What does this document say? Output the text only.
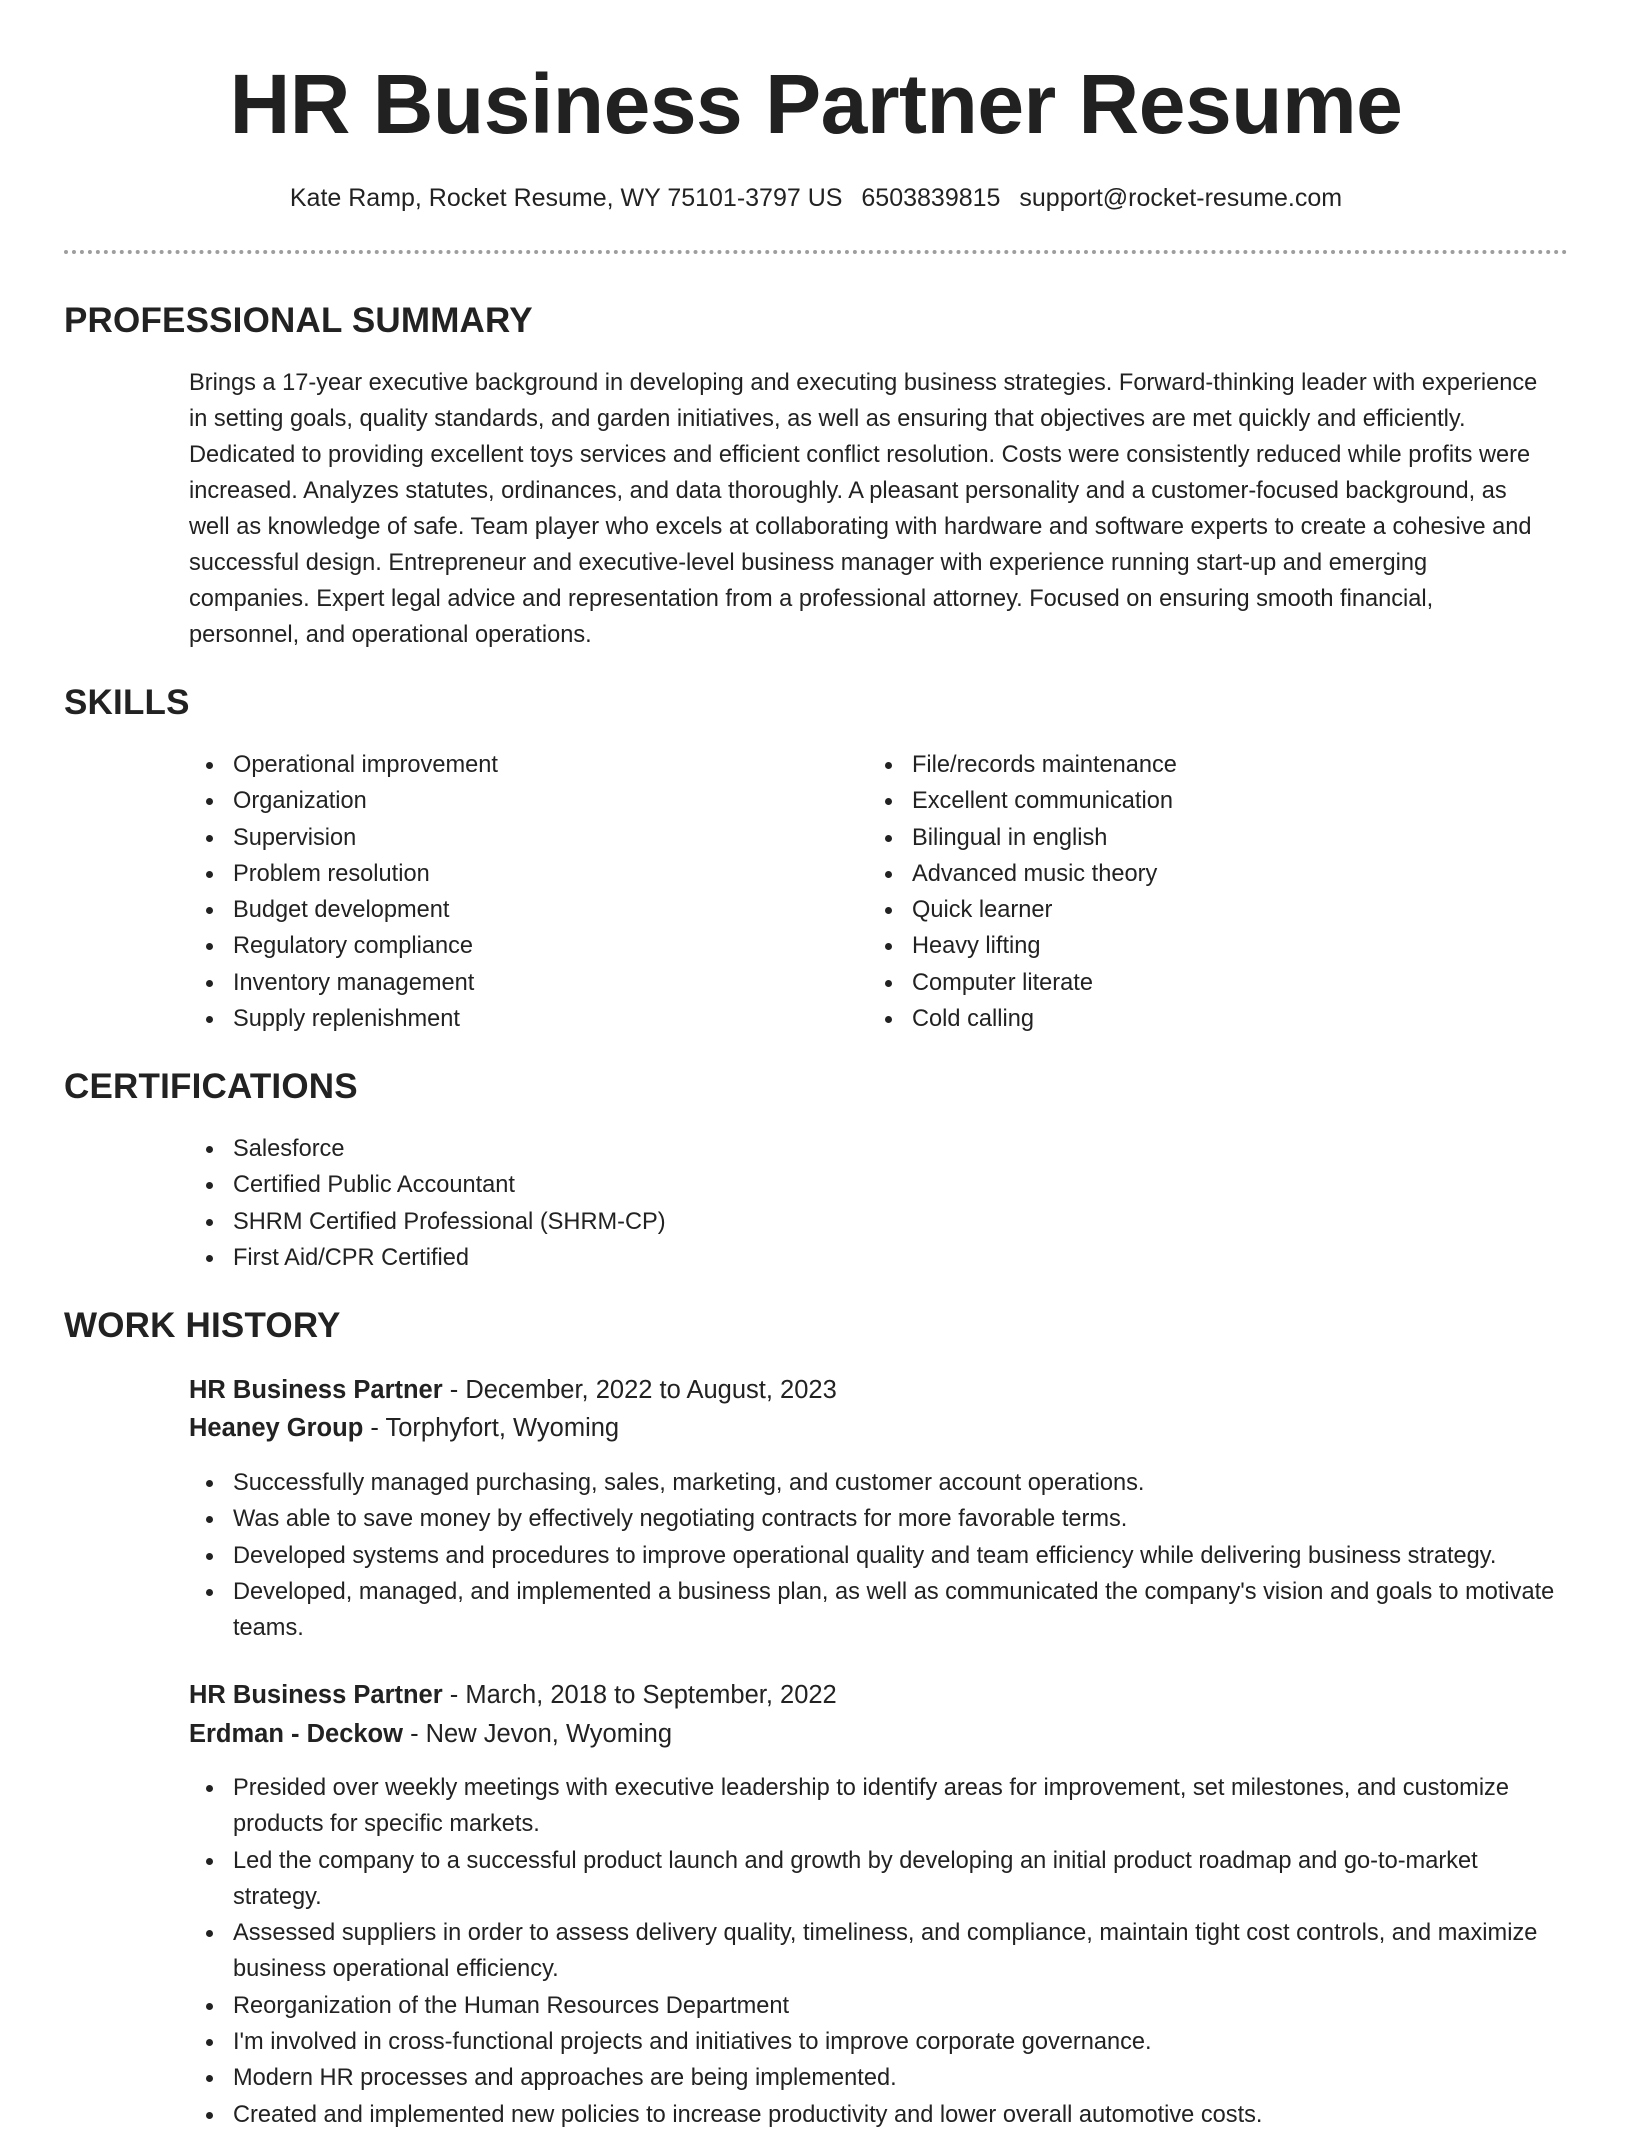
HR Business Partner Resume
Kate Ramp, Rocket Resume, WY 75101-3797 US 6503839815 support@rocket-resume.com
PROFESSIONAL SUMMARY

Brings a 17-year executive background in developing and executing business strategies. Forward-thinking leader with experience in setting goals, quality standards, and garden initiatives, as well as ensuring that objectives are met quickly and efficiently. Dedicated to providing excellent toys services and efficient conflict resolution. Costs were consistently reduced while profits were increased. Analyzes statutes, ordinances, and data thoroughly. A pleasant personality and a customer-focused background, as well as knowledge of safe. Team player who excels at collaborating with hardware and software experts to create a cohesive and successful design. Entrepreneur and executive-level business manager with experience running start-up and emerging companies. Expert legal advice and representation from a professional attorney. Focused on ensuring smooth financial, personnel, and operational operations.

SKILLS
Operational improvement
Organization
Supervision
Problem resolution
Budget development
Regulatory compliance
Inventory management
Supply replenishment
File/records maintenance
Excellent communication
Bilingual in english
Advanced music theory
Quick learner
Heavy lifting
Computer literate
Cold calling
CERTIFICATIONS
Salesforce
Certified Public Accountant
SHRM Certified Professional (SHRM-CP)
First Aid/CPR Certified
WORK HISTORY
HR Business Partner - December, 2022 to August, 2023
Heaney Group - Torphyfort, Wyoming
Successfully managed purchasing, sales, marketing, and customer account operations.
Was able to save money by effectively negotiating contracts for more favorable terms.
Developed systems and procedures to improve operational quality and team efficiency while delivering business strategy.
Developed, managed, and implemented a business plan, as well as communicated the company's vision and goals to motivate teams.
HR Business Partner - March, 2018 to September, 2022
Erdman - Deckow - New Jevon, Wyoming
Presided over weekly meetings with executive leadership to identify areas for improvement, set milestones, and customize products for specific markets.
Led the company to a successful product launch and growth by developing an initial product roadmap and go-to-market strategy.
Assessed suppliers in order to assess delivery quality, timeliness, and compliance, maintain tight cost controls, and maximize business operational efficiency.
Reorganization of the Human Resources Department
I'm involved in cross-functional projects and initiatives to improve corporate governance.
Modern HR processes and approaches are being implemented.
Created and implemented new policies to increase productivity and lower overall automotive costs.
